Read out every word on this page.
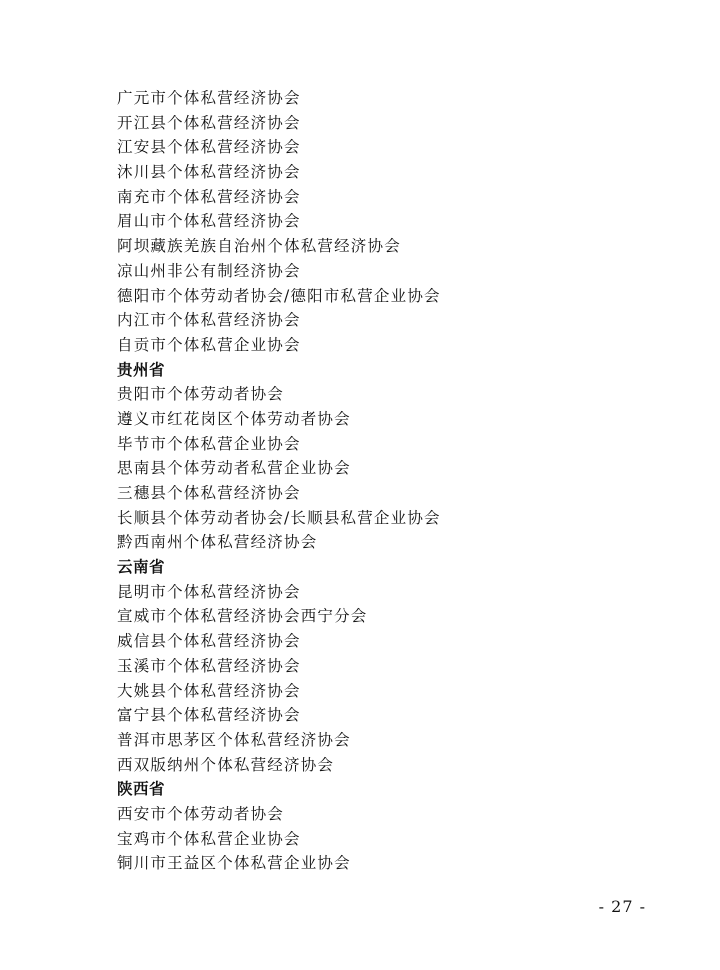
广元市个体私营经济协会
开江县个体私营经济协会
江安县个体私营经济协会
沐川县个体私营经济协会
南充市个体私营经济协会
眉山市个体私营经济协会
阿坝藏族羌族自治州个体私营经济协会
凉山州非公有制经济协会
德阳市个体劳动者协会/德阳市私营企业协会
内江市个体私营经济协会
自贡市个体私营企业协会
贵州省
贵阳市个体劳动者协会
遵义市红花岗区个体劳动者协会
毕节市个体私营企业协会
思南县个体劳动者私营企业协会
三穗县个体私营经济协会
长顺县个体劳动者协会/长顺县私营企业协会
黔西南州个体私营经济协会
云南省
昆明市个体私营经济协会
宣威市个体私营经济协会西宁分会
威信县个体私营经济协会
玉溪市个体私营经济协会
大姚县个体私营经济协会
富宁县个体私营经济协会
普洱市思茅区个体私营经济协会
西双版纳州个体私营经济协会
陕西省
西安市个体劳动者协会
宝鸡市个体私营企业协会
铜川市王益区个体私营企业协会
- 27 -
